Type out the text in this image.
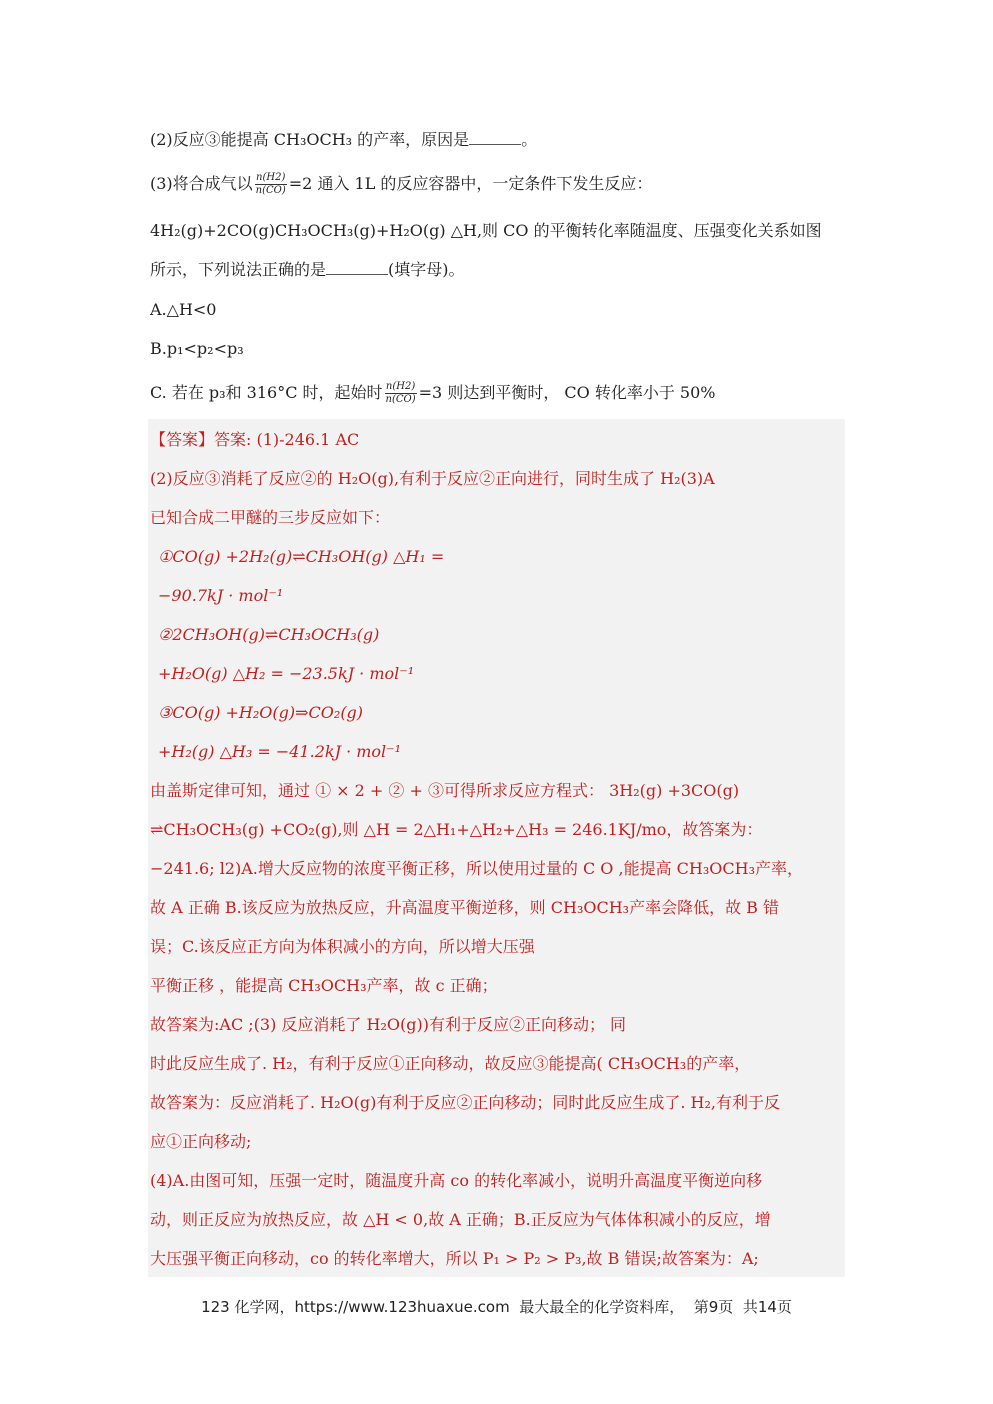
(2)反应③能提高 CH₃OCH₃ 的产率，原因是	。
(3)将合成气以 $\frac{n(H2)}{n(CO)} =2$ 通入 1L 的反应容器中，一定条件下发生反应：
4H₂(g)+2CO(g)CH₃OCH₃(g)+H₂O(g) △H,则 CO 的平衡转化率随温度、压强变化关系如图
所示，下列说法正确的是	(填字母)。
A.△H<0
B.p₁<p₂<p₃
C. 若在 p₃和 316°C 时，起始时 $\frac{n(H2)}{n(CO)} =3$ 则达到平衡时， CO 转化率小于 50%
【答案】答案: (1)-246.1 AC
(2)反应③消耗了反应②的 H₂O(g),有利于反应②正向进行，同时生成了 H₂(3)A
已知合成二甲醚的三步反应如下：
①CO(g) +2H₂(g)⇌CH₃OH(g) △H₁ =
−90.7kJ · mol⁻¹
②2CH₃OH(g)⇌CH₃OCH₃(g)
+H₂O(g) △H₂ = −23.5kJ · mol⁻¹
③CO(g) +H₂O(g)⇒CO₂(g)
+H₂(g) △H₃ = −41.2kJ · mol⁻¹
由盖斯定律可知，通过 ① × 2 + ② + ③可得所求反应方程式： 3H₂(g) +3CO(g)
⇌CH₃OCH₃(g) +CO₂(g),则 △H = 2△H₁+△H₂+△H₃ = 246.1KJ/mo，故答案为：
−241.6; l2)A.增大反应物的浓度平衡正移，所以使用过量的 C O ,能提高 CH₃OCH₃产率，
故 A 正确 B.该反应为放热反应，升高温度平衡逆移，则 CH₃OCH₃产率会降低，故 B 错
误；C.该反应正方向为体积减小的方向，所以增大压强
平衡正移 ，能提高 CH₃OCH₃产率，故 c 正确；
故答案为:AC ;(3) 反应消耗了 H₂O(g))有利于反应②正向移动； 同
时此反应生成了. H₂，有利于反应①正向移动，故反应③能提高( CH₃OCH₃的产率，
故答案为：反应消耗了. H₂O(g)有利于反应②正向移动；同时此反应生成了. H₂,有利于反
应①正向移动;
(4)A.由图可知，压强一定时，随温度升高 co 的转化率减小，说明升高温度平衡逆向移
动，则正反应为放热反应，故 △H < 0,故 A 正确；B.正反应为气体体积减小的反应，增
大压强平衡正向移动，co 的转化率增大，所以 P₁ > P₂ > P₃,故 B 错误;故答案为：A;
123 化学网，https://www.123huaxue.com  最大最全的化学资料库，  第9页  共14页
